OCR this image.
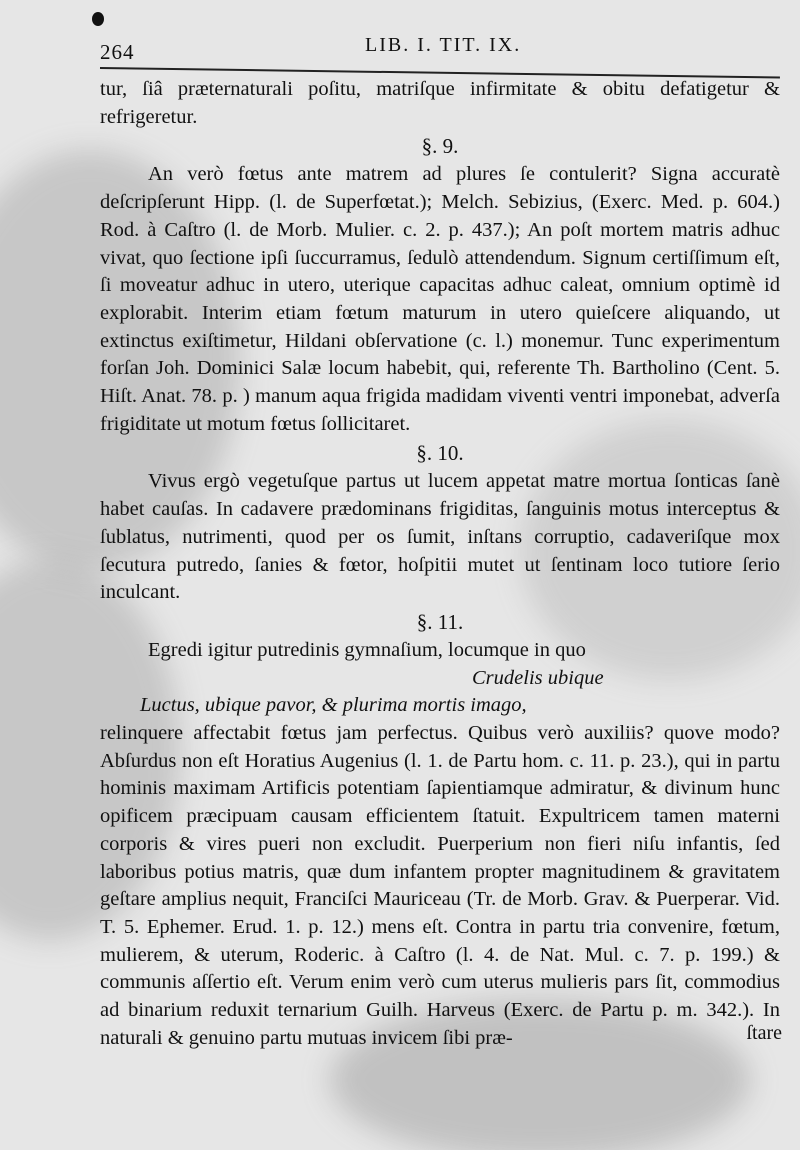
264	LIB. I. TIT. IX.

tur, ſiâ præternaturali poſitu, matriſque infirmitate & obitu defatigetur & refrigeretur.

§. 9.

An verò fœtus ante matrem ad plures ſe contulerit? Signa accuratè deſcripſerunt Hipp. (l. de Superfœtat.); Melch. Sebizius, (Exerc. Med. p. 604.) Rod. à Caſtro (l. de Morb. Mulier. c. 2. p. 437.); An poſt mortem matris adhuc vivat, quo ſectione ipſi ſuccurramus, ſedulò attendendum. Signum certiſſimum eſt, ſi moveatur adhuc in utero, uterique capacitas adhuc caleat, omnium optimè id explorabit. Interim etiam fœtum maturum in utero quieſcere aliquando, ut extinctus exiſtimetur, Hildani obſervatione (c. l.) monemur. Tunc experimentum forſan Joh. Dominici Salæ locum habebit, qui, referente Th. Bartholino (Cent. 5. Hiſt. Anat. 78. p. ) manum aqua frigida madidam viventi ventri imponebat, adverſa frigiditate ut motum fœtus ſollicitaret.

§. 10.

Vivus ergò vegetuſque partus ut lucem appetat matre mortua ſonticas ſanè habet cauſas. In cadavere prædominans frigiditas, ſanguinis motus interceptus & ſublatus, nutrimenti, quod per os ſumit, inſtans corruptio, cadaveriſque mox ſecutura putredo, ſanies & fœtor, hoſpitii mutet ut ſentinam loco tutiore ſerio inculcant.

§. 11.

Egredi igitur putredinis gymnaſium, locumque in quo

Crudelis ubique

Luctus, ubique pavor, & plurima mortis imago,

relinquere affectabit fœtus jam perfectus. Quibus verò auxiliis? quove modo? Abſurdus non eſt Horatius Augenius (l. 1. de Partu hom. c. 11. p. 23.), qui in partu hominis maximam Artificis potentiam ſapientiamque admiratur, & divinum hunc opificem præcipuam causam efficientem ſtatuit. Expultricem tamen materni corporis & vires pueri non excludit. Puerperium non fieri niſu infantis, ſed laboribus potius matris, quæ dum infantem propter magnitudinem & gravitatem geſtare amplius nequit, Franciſci Mauriceau (Tr. de Morb. Grav. & Puerperar. Vid. T. 5. Ephemer. Erud. 1. p. 12.) mens eſt. Contra in partu tria convenire, fœtum, mulierem, & uterum, Roderic. à Caſtro (l. 4. de Nat. Mul. c. 7. p. 199.) & communis aſſertio eſt. Verum enim verò cum uterus mulieris pars ſit, commodius ad binarium reduxit ternarium Guilh. Harveus (Exerc. de Partu p. m. 342.). In naturali & genuino partu mutuas invicem ſibi præ-	ſtare
